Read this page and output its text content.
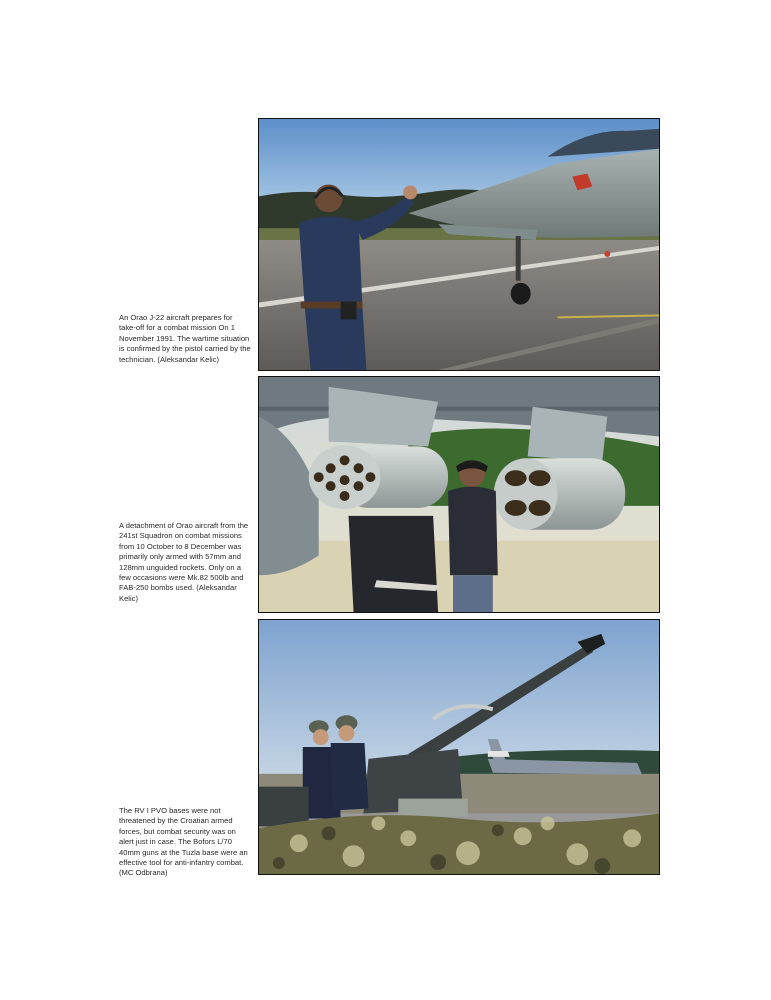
An Orao J-22 aircraft prepares for take-off for a combat mission On 1 November 1991. The wartime situation is confirmed by the pistol carried by the technician. (Aleksandar Kelic)

A detachment of Orao aircraft from the 241st Squadron on combat missions from 10 October to 8 December was primarily only armed with 57mm and 128mm unguided rockets. Only on a few occasions were Mk.82 500lb and FAB-250 bombs used. (Aleksandar Kelic)

The RV I PVO bases were not threatened by the Croatian armed forces, but combat security was on alert just in case. The Bofors L/70 40mm guns at the Tuzla base were an effective tool for anti-infantry combat. (MC Odbrana)
